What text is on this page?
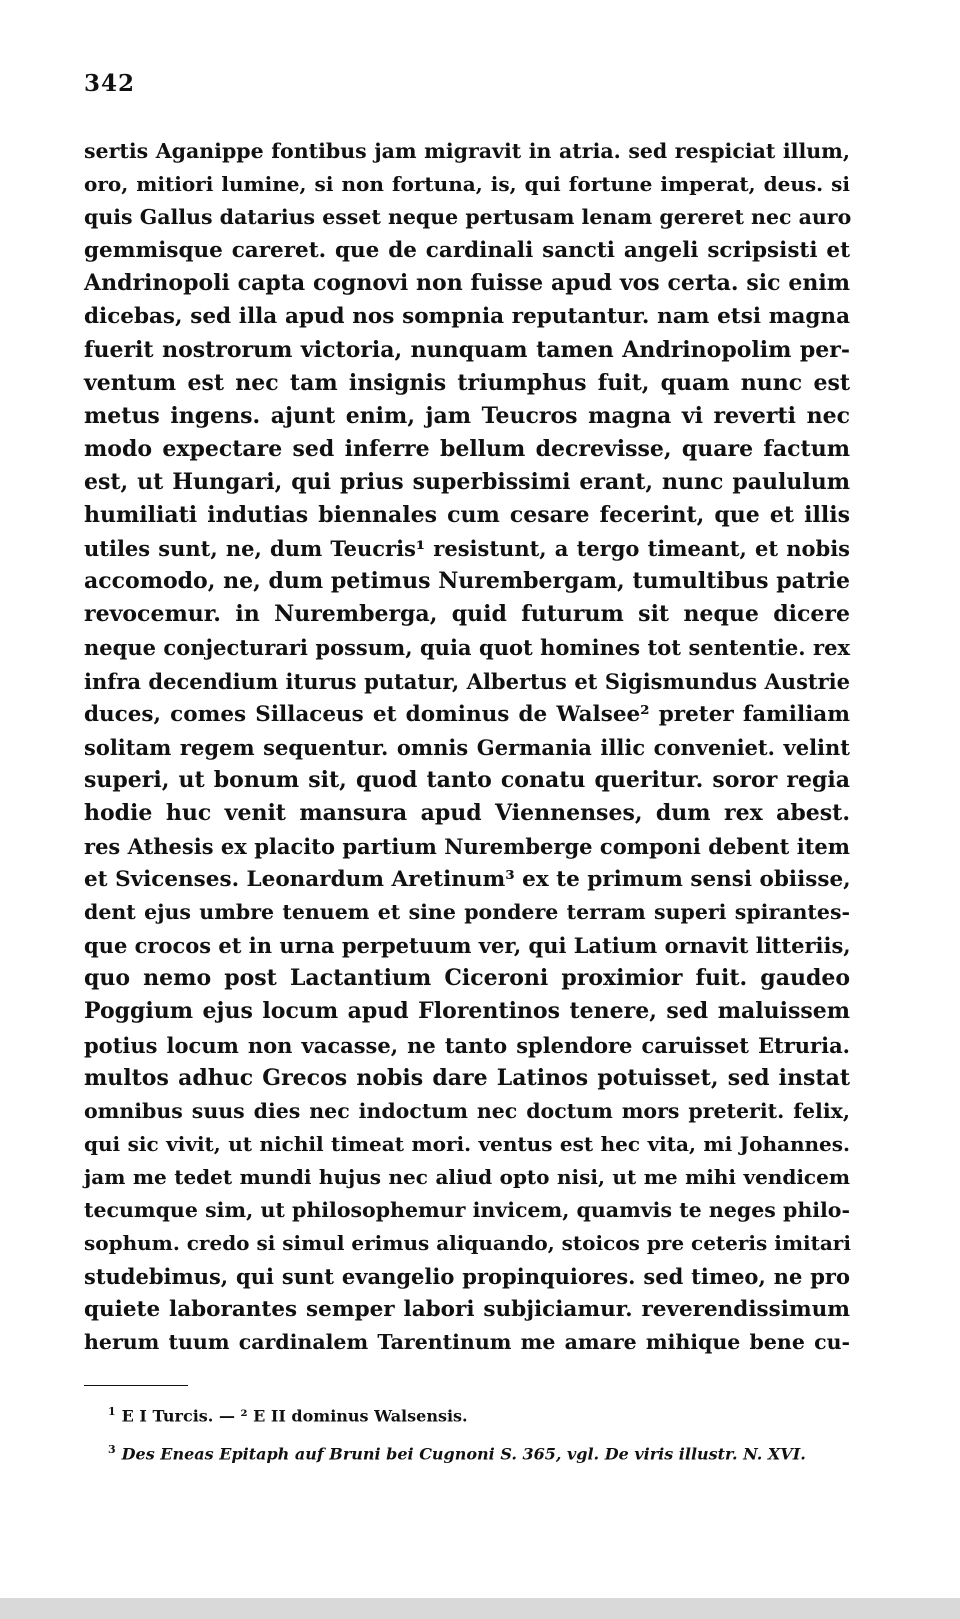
342
sertis Aganippe fontibus jam migravit in atria. sed respiciat illum,
oro, mitiori lumine, si non fortuna, is, qui fortune imperat, deus. si
quis Gallus datarius esset neque pertusam lenam gereret nec auro
gemmisque careret. que de cardinali sancti angeli scripsisti et
Andrinopoli capta cognovi non fuisse apud vos certa. sic enim
dicebas, sed illa apud nos sompnia reputantur. nam etsi magna
fuerit nostrorum victoria, nunquam tamen Andrinopolim per-
ventum est nec tam insignis triumphus fuit, quam nunc est
metus ingens. ajunt enim, jam Teucros magna vi reverti nec
modo expectare sed inferre bellum decrevisse, quare factum
est, ut Hungari, qui prius superbissimi erant, nunc paululum
humiliati indutias biennales cum cesare fecerint, que et illis
utiles sunt, ne, dum Teucris¹ resistunt, a tergo timeant, et nobis
accomodo, ne, dum petimus Nurembergam, tumultibus patrie
revocemur. in Nuremberga, quid futurum sit neque dicere
neque conjecturari possum, quia quot homines tot sententie. rex
infra decendium iturus putatur, Albertus et Sigismundus Austrie
duces, comes Sillaceus et dominus de Walsee² preter familiam
solitam regem sequentur. omnis Germania illic conveniet. velint
superi, ut bonum sit, quod tanto conatu queritur. soror regia
hodie huc venit mansura apud Viennenses, dum rex abest.
res Athesis ex placito partium Nuremberge componi debent item
et Svicenses. Leonardum Aretinum³ ex te primum sensi obiisse,
dent ejus umbre tenuem et sine pondere terram superi spirantes-
que crocos et in urna perpetuum ver, qui Latium ornavit litteriis,
quo nemo post Lactantium Ciceroni proximior fuit. gaudeo
Poggium ejus locum apud Florentinos tenere, sed maluissem
potius locum non vacasse, ne tanto splendore caruisset Etruria.
multos adhuc Grecos nobis dare Latinos potuisset, sed instat
omnibus suus dies nec indoctum nec doctum mors preterit. felix,
qui sic vivit, ut nichil timeat mori. ventus est hec vita, mi Johannes.
jam me tedet mundi hujus nec aliud opto nisi, ut me mihi vendicem
tecumque sim, ut philosophemur invicem, quamvis te neges philo-
sophum. credo si simul erimus aliquando, stoicos pre ceteris imitari
studebimus, qui sunt evangelio propinquiores. sed timeo, ne pro
quiete laborantes semper labori subjiciamur. reverendissimum
herum tuum cardinalem Tarentinum me amare mihique bene cu-
$^1$ E I Turcis. — ² E II dominus Walsensis.
$^3$ Des Eneas Epitaph auf Bruni bei Cugnoni S. 365, vgl. De viris illustr. N. XVI.
